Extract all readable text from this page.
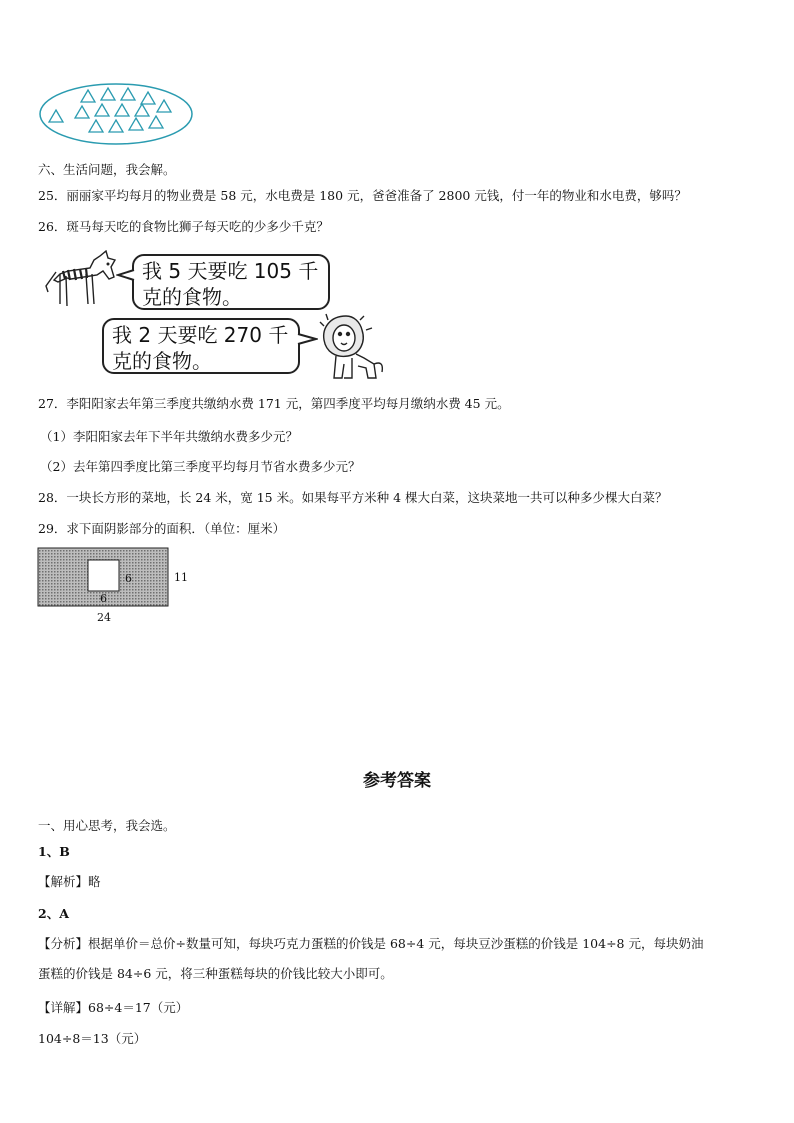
六、生活问题，我会解。
25．丽丽家平均每月的物业费是 58 元，水电费是 180 元，爸爸准备了 2800 元钱，付一年的物业和水电费，够吗？
26．斑马每天吃的食物比狮子每天吃的少多少千克？
我 5 天要吃 105 千
克的食物。
我 2 天要吃 270 千
克的食物。
27．李阳阳家去年第三季度共缴纳水费 171 元，第四季度平均每月缴纳水费 45 元。
（1）李阳阳家去年下半年共缴纳水费多少元？
（2）去年第四季度比第三季度平均每月节省水费多少元？
28．一块长方形的菜地，长 24 米，宽 15 米。如果每平方米种 4 棵大白菜，这块菜地一共可以种多少棵大白菜？
29．求下面阴影部分的面积．（单位：厘米）
6
6
11
24
参考答案
一、用心思考，我会选。
1、B
【解析】略
2、A
【分析】根据单价＝总价÷数量可知，每块巧克力蛋糕的价钱是 68÷4 元，每块豆沙蛋糕的价钱是 104÷8 元，每块奶油
蛋糕的价钱是 84÷6 元，将三种蛋糕每块的价钱比较大小即可。
【详解】68÷4＝17（元）
104÷8＝13（元）
